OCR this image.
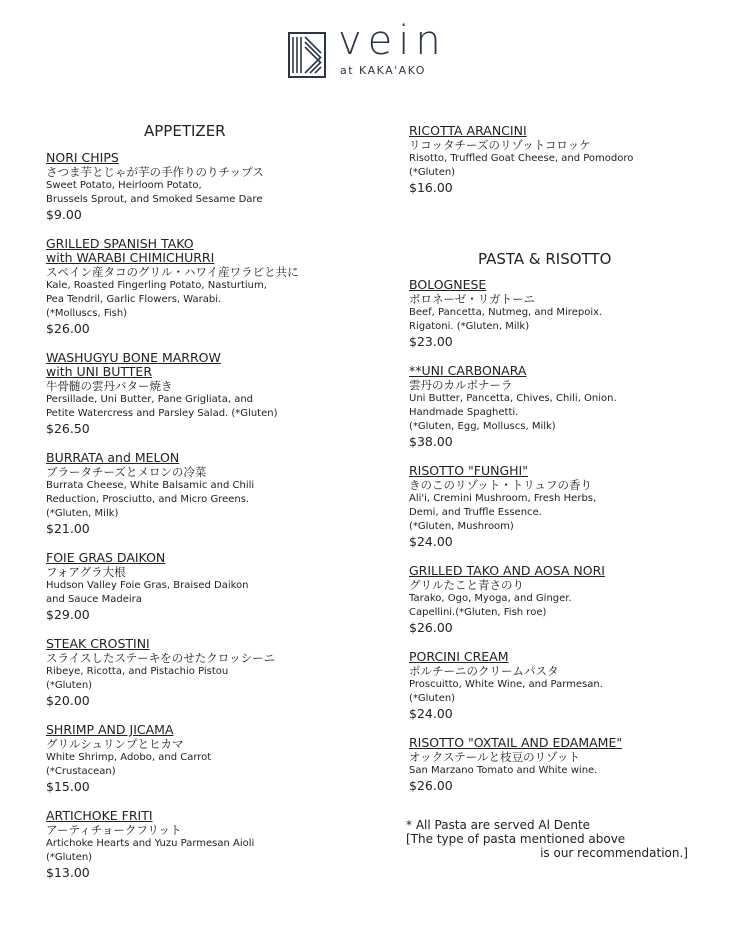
vein
at KAKA'AKO
APPETIZER
PASTA & RISOTTO
NORI CHIPS
さつま芋とじゃが芋の手作りのりチップス
Sweet Potato, Heirloom Potato,
Brussels Sprout, and Smoked Sesame Dare
$9.00
GRILLED SPANISH TAKO
with WARABI CHIMICHURRI
スペイン産タコのグリル・ハワイ産ワラビと共に
Kale, Roasted Fingerling Potato, Nasturtium,
Pea Tendril, Garlic Flowers, Warabi.
(*Molluscs, Fish)
$26.00
WASHUGYU BONE MARROW
with UNI BUTTER
牛骨髄の雲丹バター焼き
Persillade, Uni Butter, Pane Grigliata, and
Petite Watercress and Parsley Salad. (*Gluten)
$26.50
BURRATA and MELON
ブラータチーズとメロンの冷菜
Burrata Cheese, White Balsamic and Chili
Reduction, Prosciutto, and Micro Greens.
(*Gluten, Milk)
$21.00
FOIE GRAS DAIKON
フォアグラ大根
Hudson Valley Foie Gras, Braised Daikon
and Sauce Madeira
$29.00
STEAK CROSTINI
スライスしたステーキをのせたクロッシーニ
Ribeye, Ricotta, and Pistachio Pistou
(*Gluten)
$20.00
SHRIMP AND JICAMA
グリルシュリンプとヒカマ
White Shrimp, Adobo, and Carrot
(*Crustacean)
$15.00
ARTICHOKE FRITI
アーティチョークフリット
Artichoke Hearts and Yuzu Parmesan Aioli
(*Gluten)
$13.00
RICOTTA ARANCINI
リコッタチーズのリゾットコロッケ
Risotto, Truffled Goat Cheese, and Pomodoro
(*Gluten)
$16.00
BOLOGNESE
ボロネーゼ・リガトーニ
Beef, Pancetta, Nutmeg, and Mirepoix.
Rigatoni. (*Gluten, Milk)
$23.00
**UNI CARBONARA
雲丹のカルボナーラ
Uni Butter, Pancetta, Chives, Chili, Onion.
Handmade Spaghetti.
(*Gluten, Egg, Molluscs, Milk)
$38.00
RISOTTO "FUNGHI"
きのこのリゾット・トリュフの香り
Ali'i, Cremini Mushroom, Fresh Herbs,
Demi, and Truffle Essence.
(*Gluten, Mushroom)
$24.00
GRILLED TAKO AND AOSA NORI
グリルたこと青さのり
Tarako, Ogo, Myoga, and Ginger.
Capellini.(*Gluten, Fish roe)
$26.00
PORCINI CREAM
ポルチーニのクリームパスタ
Proscuitto, White Wine, and Parmesan.
(*Gluten)
$24.00
RISOTTO "OXTAIL AND EDAMAME"
オックステールと枝豆のリゾット
San Marzano Tomato and White wine.
$26.00
* All Pasta are served Al Dente
[The type of pasta mentioned above
is our recommendation.]
